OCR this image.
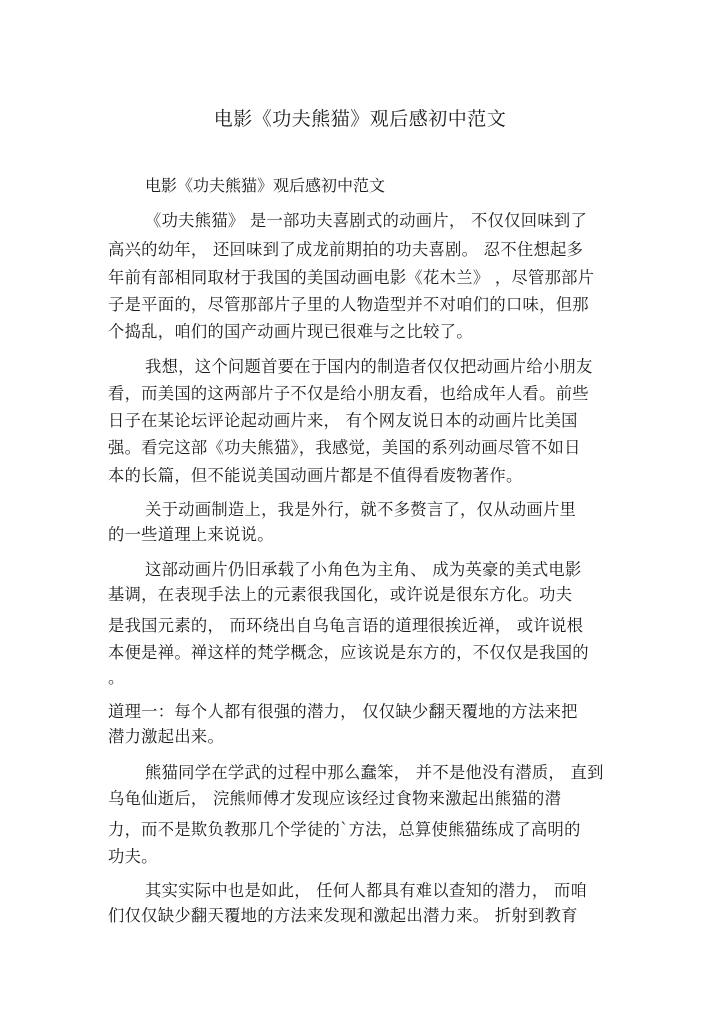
电影《功夫熊猫》观后感初中范文
电影《功夫熊猫》观后感初中范文
《功夫熊猫》 是一部功夫喜剧式的动画片， 不仅仅回味到了
高兴的幼年， 还回味到了成龙前期拍的功夫喜剧。 忍不住想起多
年前有部相同取材于我国的美国动画电影《花木兰》 ，尽管那部片
子是平面的，尽管那部片子里的人物造型并不对咱们的口味，但那
个捣乱，咱们的国产动画片现已很难与之比较了。
我想，这个问题首要在于国内的制造者仅仅把动画片给小朋友
看，而美国的这两部片子不仅是给小朋友看，也给成年人看。前些
日子在某论坛评论起动画片来， 有个网友说日本的动画片比美国
强。看完这部《功夫熊猫》，我感觉，美国的系列动画尽管不如日
本的长篇，但不能说美国动画片都是不值得看废物著作。
关于动画制造上，我是外行，就不多赘言了，仅从动画片里
的一些道理上来说说。
这部动画片仍旧承载了小角色为主角、 成为英豪的美式电影
基调，在表现手法上的元素很我国化，或许说是很东方化。功夫
是我国元素的， 而环绕出自乌龟言语的道理很挨近禅， 或许说根
本便是禅。禅这样的梵学概念，应该说是东方的，不仅仅是我国的
。
道理一：每个人都有很强的潜力， 仅仅缺少翻天覆地的方法来把
潜力激起出来。
熊猫同学在学武的过程中那么蠢笨， 并不是他没有潜质， 直到
乌龟仙逝后， 浣熊师傅才发现应该经过食物来激起出熊猫的潜
力，而不是欺负教那几个学徒的`方法，总算使熊猫练成了高明的
功夫。
其实实际中也是如此， 任何人都具有难以查知的潜力， 而咱
们仅仅缺少翻天覆地的方法来发现和激起出潜力来。 折射到教育
